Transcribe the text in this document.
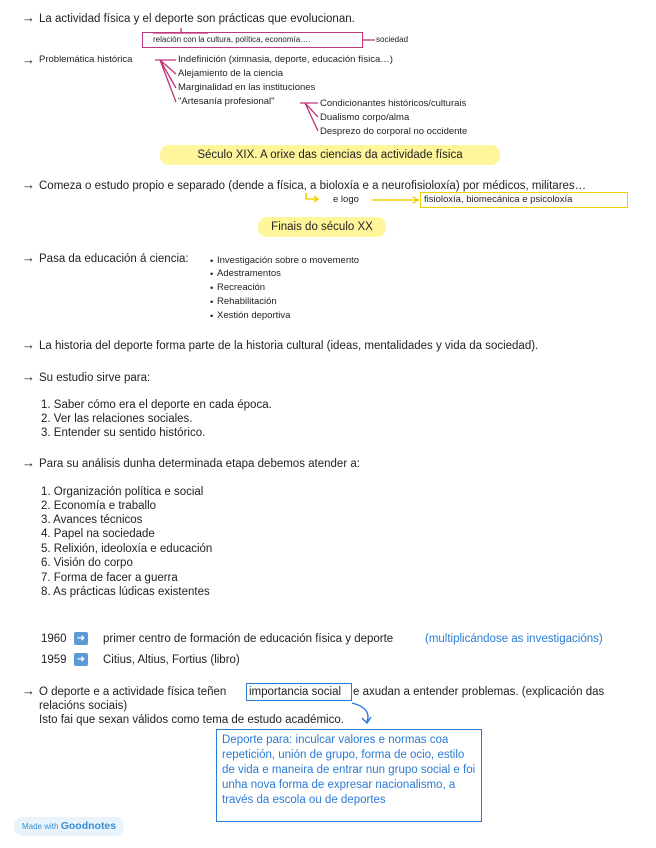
→ La actividad física y el deporte son prácticas que evolucionan.
relación con la cultura, política, economía….	sociedad
→ Problemática histórica	Indefinición (ximnasia, deporte, educación física…)
Alejamiento de la ciencia
Marginalidad en las instituciones
"Artesanía profesional"	Condicionantes históricos/culturais
Dualismo corpo/alma
Desprezo do corporal no occidente
Século XIX. A orixe das ciencias da actividade física
→ Comeza o estudo propio e separado (dende a física, a bioloxía e a neurofisioloxía) por médicos, militares…
e logo	fisioloxía, biomecánica e psicoloxía
Finais do século XX
→ Pasa da educación á ciencia: • Investigación sobre o movemento
• Adestramentos
• Recreación
• Rehabilitación
• Xestión deportiva
→ La historia del deporte forma parte de la historia cultural (ideas, mentalidades y vida da sociedad).
→ Su estudio sirve para:
1. Saber cómo era el deporte en cada época.
2. Ver las relaciones sociales.
3. Entender su sentido histórico.
→ Para su análisis dunha determinada etapa debemos atender a:
1. Organización política e social
2. Economía e traballo
3. Avances técnicos
4. Papel na sociedade
5. Relixión, ideoloxía e educación
6. Visión do corpo
7. Forma de facer a guerra
8. As prácticas lúdicas existentes
1960 ➜ primer centro de formación de educación física y deporte	(multiplicándose as investigacións)
1959 ➜ Citius, Altius, Fortius (libro)
→ O deporte e a actividade física teñen importancia social e axudan a entender problemas. (explicación das
relacións sociais)
Isto fai que sexan válidos como tema de estudo académico.
Deporte para: inculcar valores e normas coa repetición, unión de grupo, forma de ocio, estilo de vida e maneira de entrar nun grupo social e foi unha nova forma de expresar nacionalismo, a través da escola ou de deportes
Made with Goodnotes
